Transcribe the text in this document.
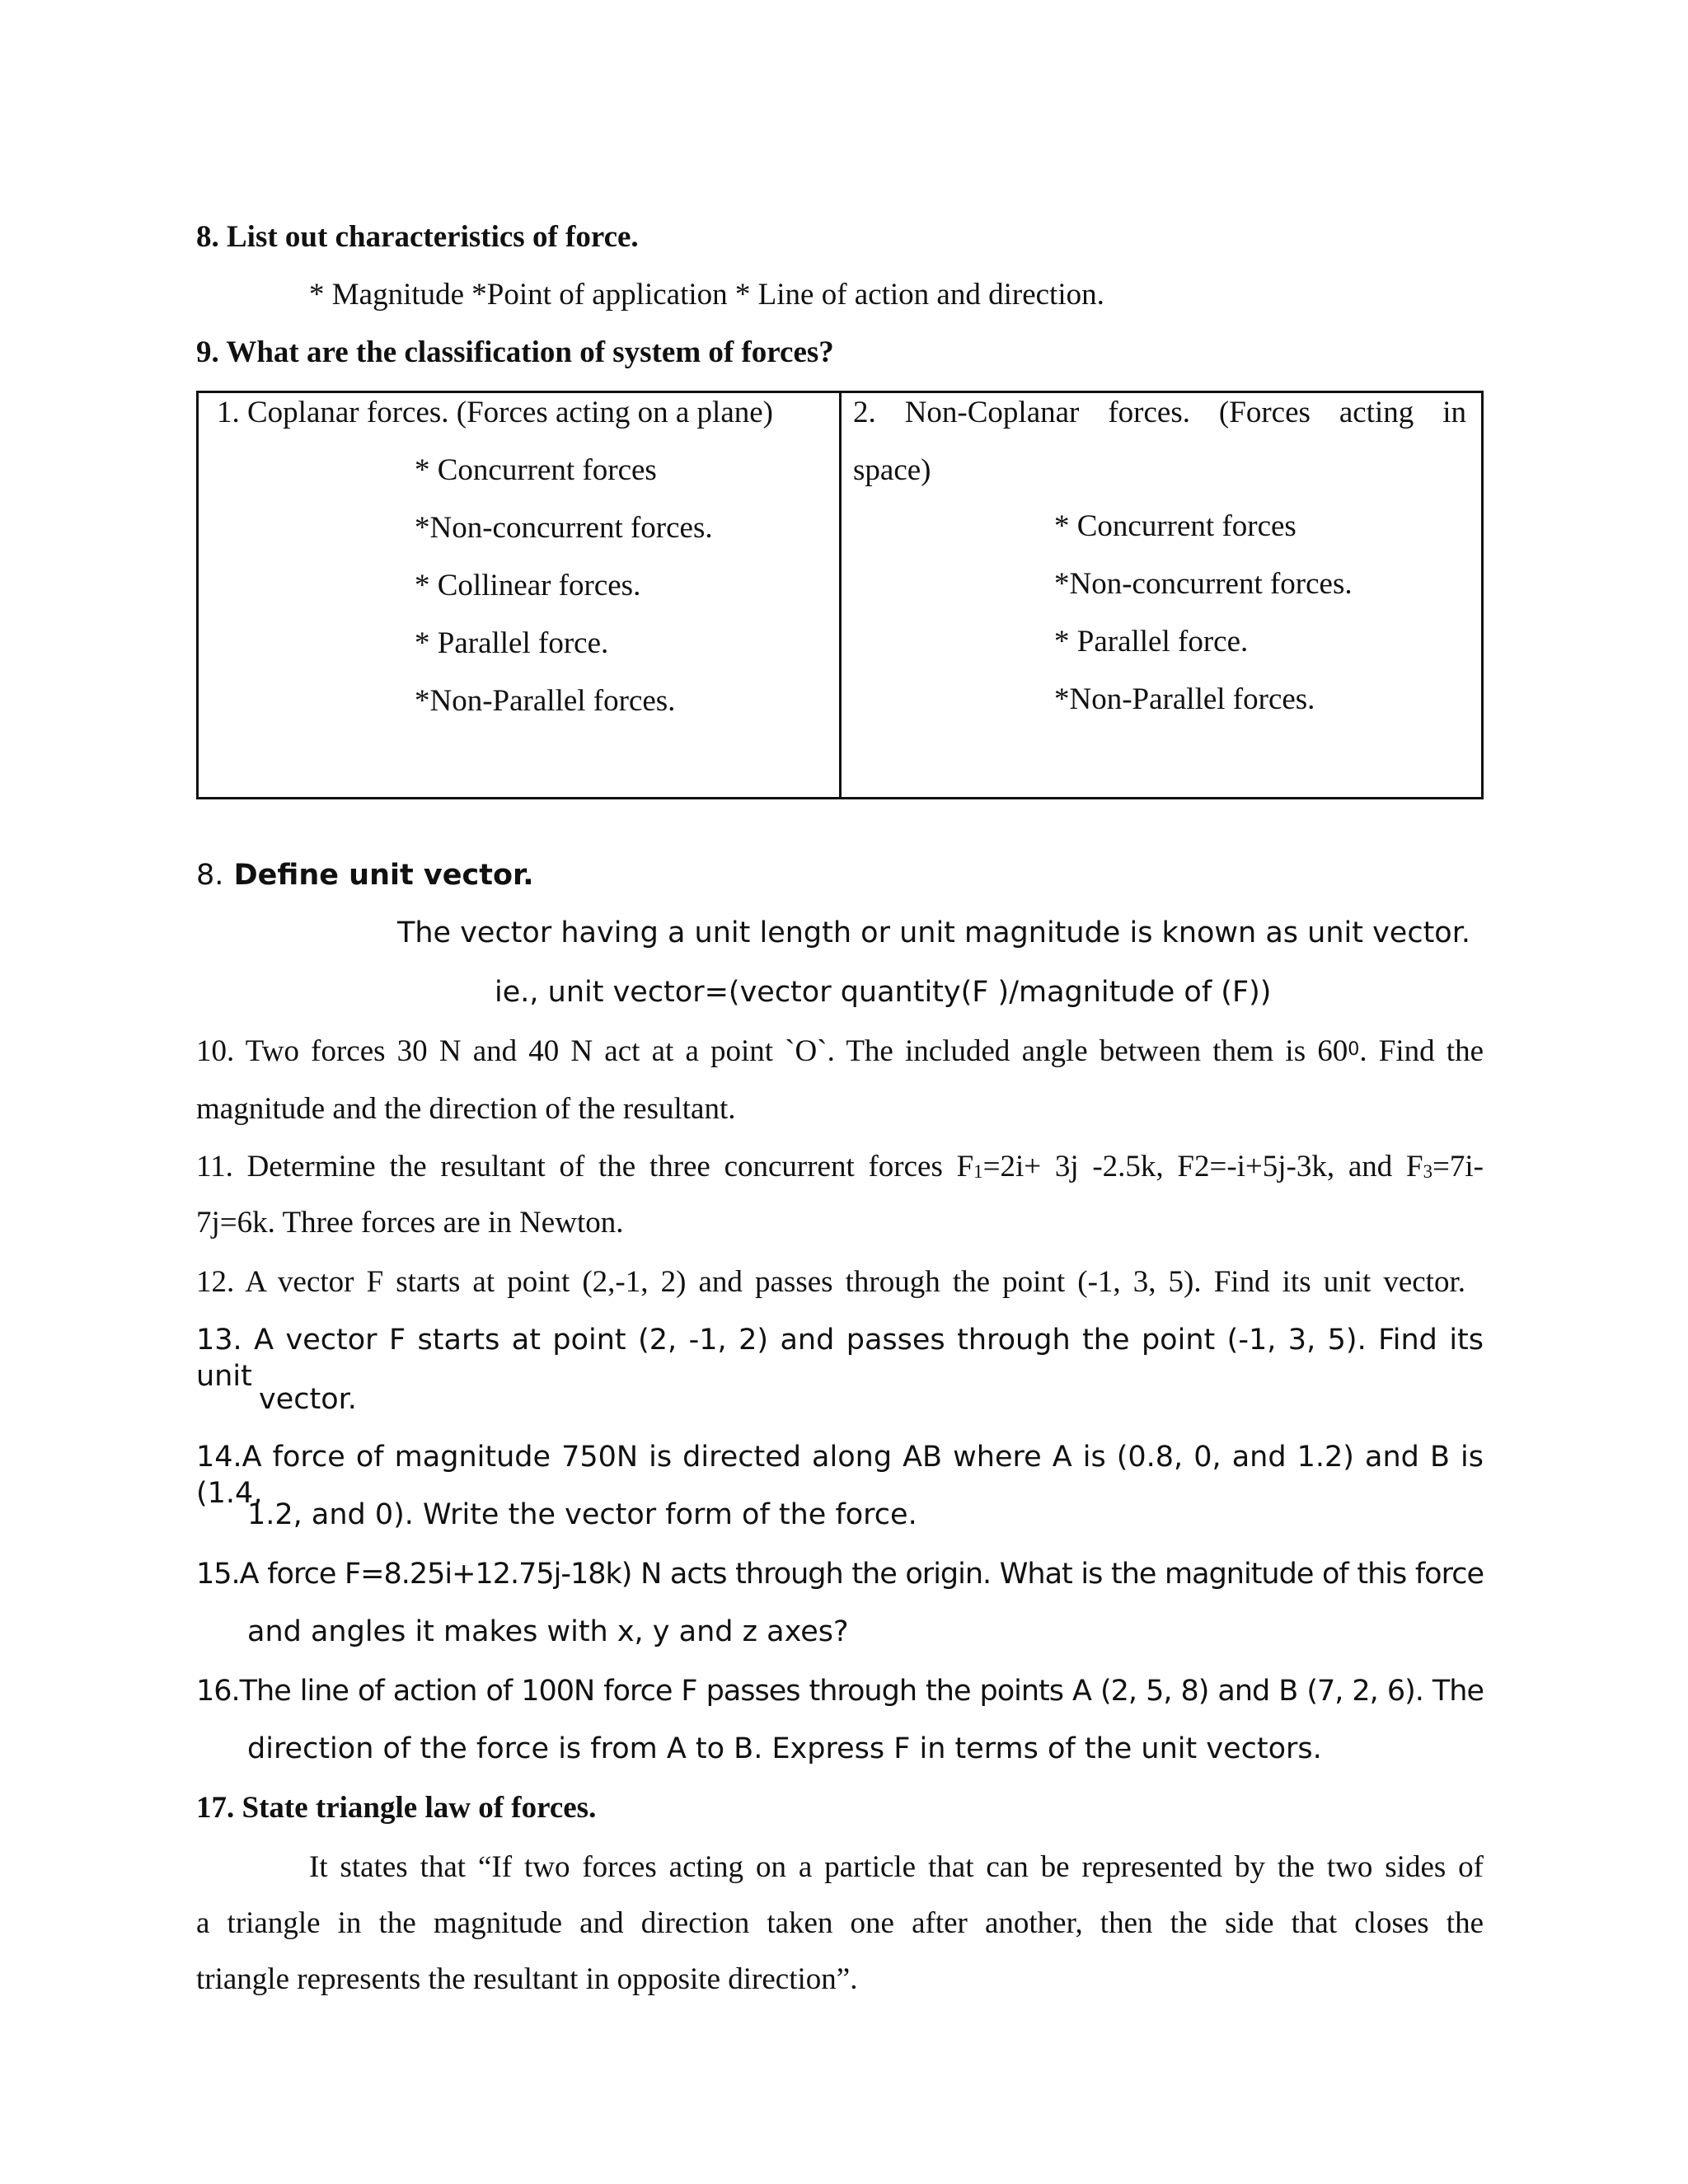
8. List out characteristics of force.
* Magnitude *Point of application * Line of action and direction.
9. What are the classification of system of forces?
1. Coplanar forces. (Forces acting on a plane)
* Concurrent forces
*Non-concurrent forces.
* Collinear forces.
* Parallel force.
*Non-Parallel forces.
2. Non-Coplanar forces. (Forces acting in
space)
* Concurrent forces
*Non-concurrent forces.
* Parallel force.
*Non-Parallel forces.
8. Define unit vector.
The vector having a unit length or unit magnitude is known as unit vector.
ie., unit vector=(vector quantity(F )/magnitude of (F))
10. Two forces 30 N and 40 N act at a point `O`. The included angle between them is $60^0$. Find the
magnitude and the direction of the resultant.
11. Determine the resultant of the three concurrent forces $F_1=2i+ 3j$ -2.5k, F2=-i+5j-3k, and $F_3=7i-$
7j=6k. Three forces are in Newton.
12. A vector F starts at point (2,-1, 2) and passes through the point (-1, 3, 5). Find its unit vector.
13. A vector F starts at point (2, -1, 2) and passes through the point (-1, 3, 5). Find its unit
vector.
14.A force of magnitude 750N is directed along AB where A is (0.8, 0, and 1.2) and B is (1.4,
1.2, and 0). Write the vector form of the force.
15.A force F=8.25i+12.75j-18k) N acts through the origin. What is the magnitude of this force
and angles it makes with x, y and z axes?
16.The line of action of 100N force F passes through the points A (2, 5, 8) and B (7, 2, 6). The
direction of the force is from A to B. Express F in terms of the unit vectors.
17. State triangle law of forces.
It states that “If two forces acting on a particle that can be represented by the two sides of
a triangle in the magnitude and direction taken one after another, then the side that closes the
triangle represents the resultant in opposite direction”.
